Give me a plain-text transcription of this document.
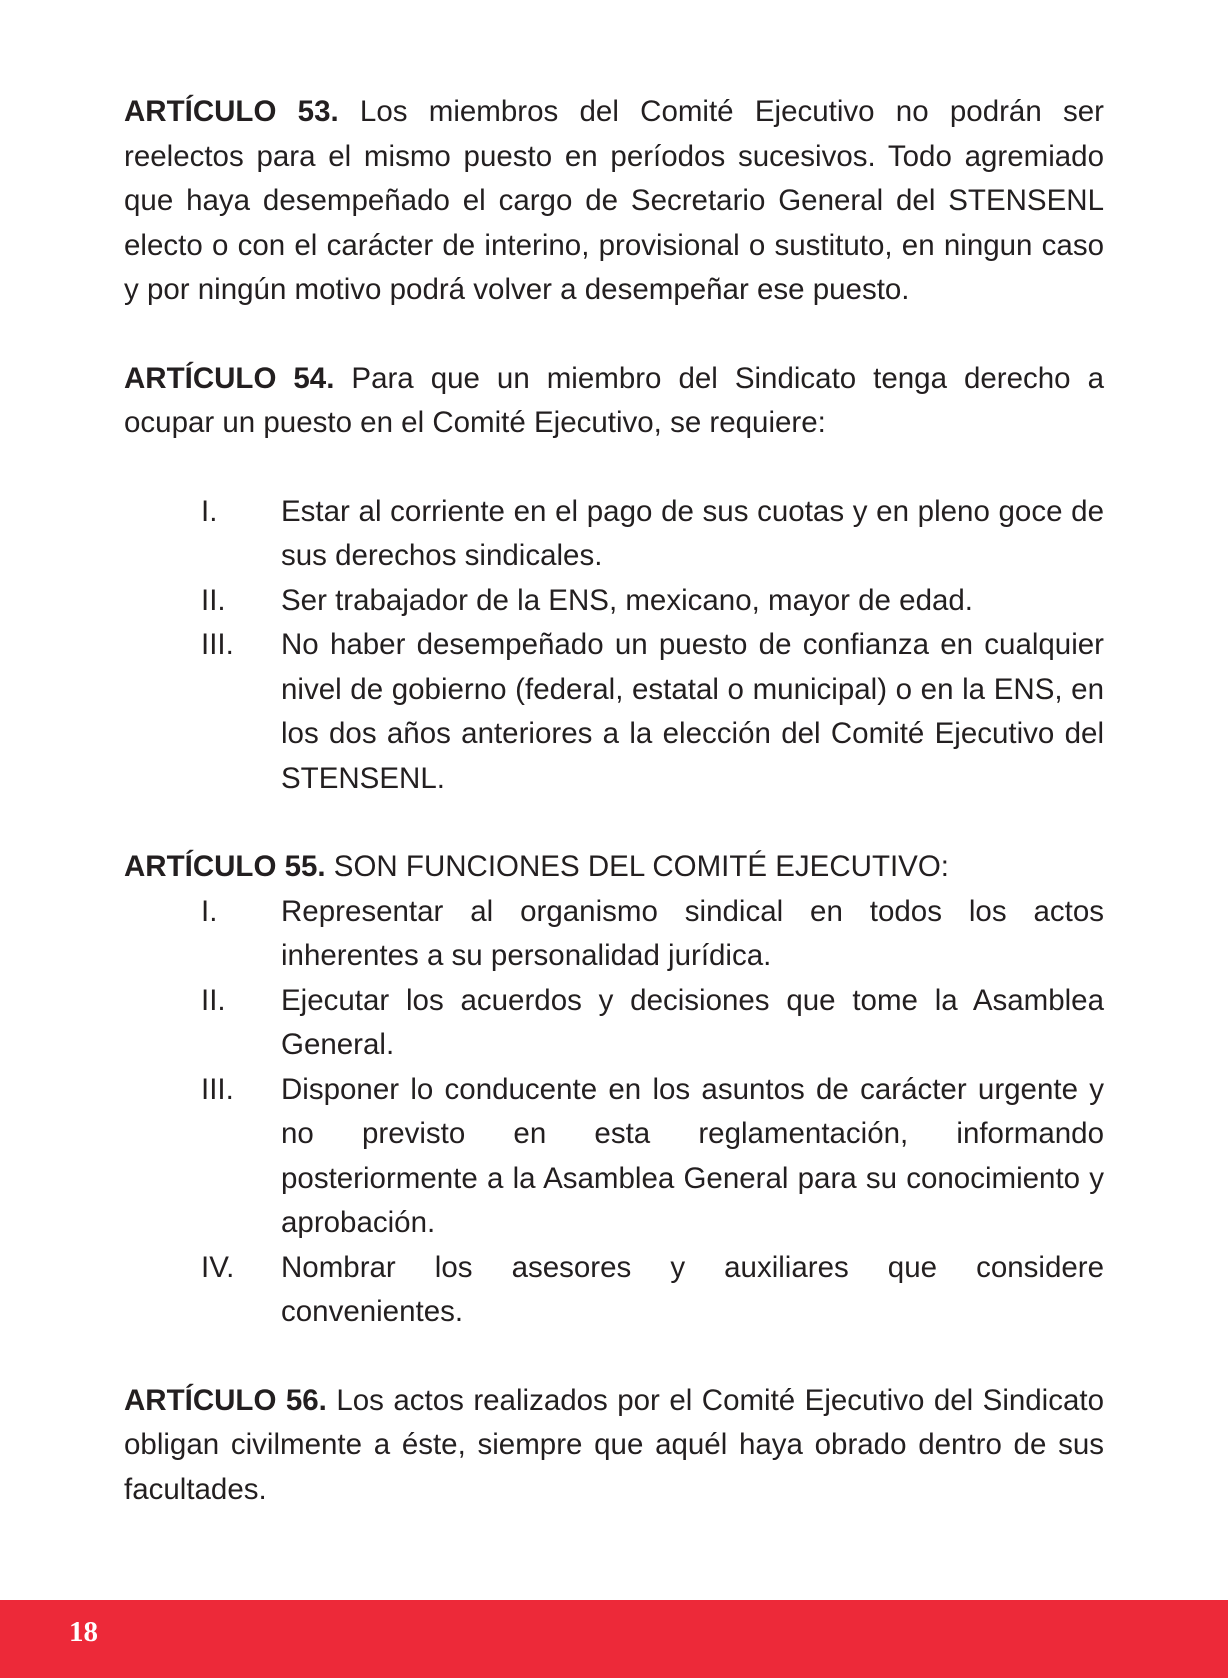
ARTÍCULO 53. Los miembros del Comité Ejecutivo no podrán ser reelectos para el mismo puesto en períodos sucesivos. Todo agremiado que haya desempeñado el cargo de Secretario General del STENSENL electo o con el carácter de interino, provisional o sustituto, en ningun caso y por ningún motivo podrá volver a desempeñar ese puesto.

ARTÍCULO 54. Para que un miembro del Sindicato tenga derecho a ocupar un puesto en el Comité Ejecutivo, se requiere:

I.	Estar al corriente en el pago de sus cuotas y en pleno goce de sus derechos sindicales.
II.	Ser trabajador de la ENS, mexicano, mayor de edad.
III.	No haber desempeñado un puesto de confianza en cualquier nivel de gobierno (federal, estatal o municipal) o en la ENS, en los dos años anteriores a la elección del Comité Ejecutivo del STENSENL.

ARTÍCULO 55. SON FUNCIONES DEL COMITÉ EJECUTIVO:

I.	Representar al organismo sindical en todos los actos inherentes a su personalidad jurídica.
II.	Ejecutar los acuerdos y decisiones que tome la Asamblea General.
III.	Disponer lo conducente en los asuntos de carácter urgente y no previsto en esta reglamentación, informando posteriormente a la Asamblea General para su conocimiento y aprobación.
IV.	Nombrar los asesores y auxiliares que considere convenientes.

ARTÍCULO 56. Los actos realizados por el Comité Ejecutivo del Sindicato obligan civilmente a éste, siempre que aquél haya obrado dentro de sus facultades.

18
